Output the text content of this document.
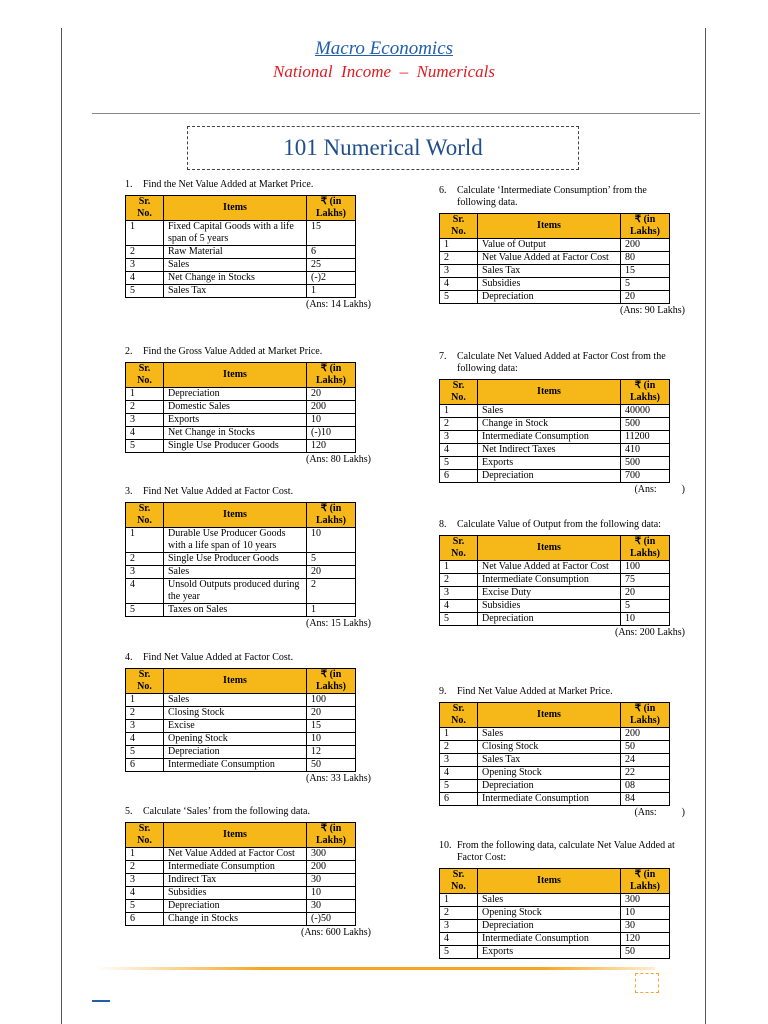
Macro Economics
National  Income  –  Numericals
101 Numerical World
1.	Find the Net Value Added at Market Price.
Sr.
No.	Items	₹ (in
Lakhs)
1	Fixed Capital Goods with a life span of 5 years	15
2	Raw Material	6
3	Sales	25
4	Net Change in Stocks	(-)2
5	Sales Tax	1
(Ans: 14 Lakhs)
2.	Find the Gross Value Added at Market Price.
Sr.
No.	Items	₹ (in
Lakhs)
1	Depreciation	20
2	Domestic Sales	200
3	Exports	10
4	Net Change in Stocks	(-)10
5	Single Use Producer Goods	120
(Ans: 80 Lakhs)
3.	Find Net Value Added at Factor Cost.
Sr.
No.	Items	₹ (in
Lakhs)
1	Durable Use Producer Goods with a life span of 10 years	10
2	Single Use Producer Goods	5
3	Sales	20
4	Unsold Outputs produced during the year	2
5	Taxes on Sales	1
(Ans: 15 Lakhs)
4.	Find Net Value Added at Factor Cost.
Sr.
No.	Items	₹ (in
Lakhs)
1	Sales	100
2	Closing Stock	20
3	Excise	15
4	Opening Stock	10
5	Depreciation	12
6	Intermediate Consumption	50
(Ans: 33 Lakhs)
5.	Calculate ‘Sales’ from the following data.
Sr.
No.	Items	₹ (in
Lakhs)
1	Net Value Added at Factor Cost	300
2	Intermediate Consumption	200
3	Indirect Tax	30
4	Subsidies	10
5	Depreciation	30
6	Change in Stocks	(-)50
(Ans: 600 Lakhs)
6.	Calculate ‘Intermediate Consumption’ from the following data.
Sr.
No.	Items	₹ (in
Lakhs)
1	Value of Output	200
2	Net Value Added at Factor Cost	80
3	Sales Tax	15
4	Subsidies	5
5	Depreciation	20
(Ans: 90 Lakhs)
7.	Calculate Net Valued Added at Factor Cost from the following data:
Sr.
No.	Items	₹ (in
Lakhs)
1	Sales	40000
2	Change in Stock	500
3	Intermediate Consumption	11200
4	Net Indirect Taxes	410
5	Exports	500
6	Depreciation	700
(Ans:          )
8.	Calculate Value of Output from the following data:
Sr.
No.	Items	₹ (in
Lakhs)
1	Net Value Added at Factor Cost	100
2	Intermediate Consumption	75
3	Excise Duty	20
4	Subsidies	5
5	Depreciation	10
(Ans: 200 Lakhs)
9.	Find Net Value Added at Market Price.
Sr.
No.	Items	₹ (in
Lakhs)
1	Sales	200
2	Closing Stock	50
3	Sales Tax	24
4	Opening Stock	22
5	Depreciation	08
6	Intermediate Consumption	84
(Ans:          )
10. From the following data, calculate Net Value Added at Factor Cost:
Sr.
No.	Items	₹ (in
Lakhs)
1	Sales	300
2	Opening Stock	10
3	Depreciation	30
4	Intermediate Consumption	120
5	Exports	50
